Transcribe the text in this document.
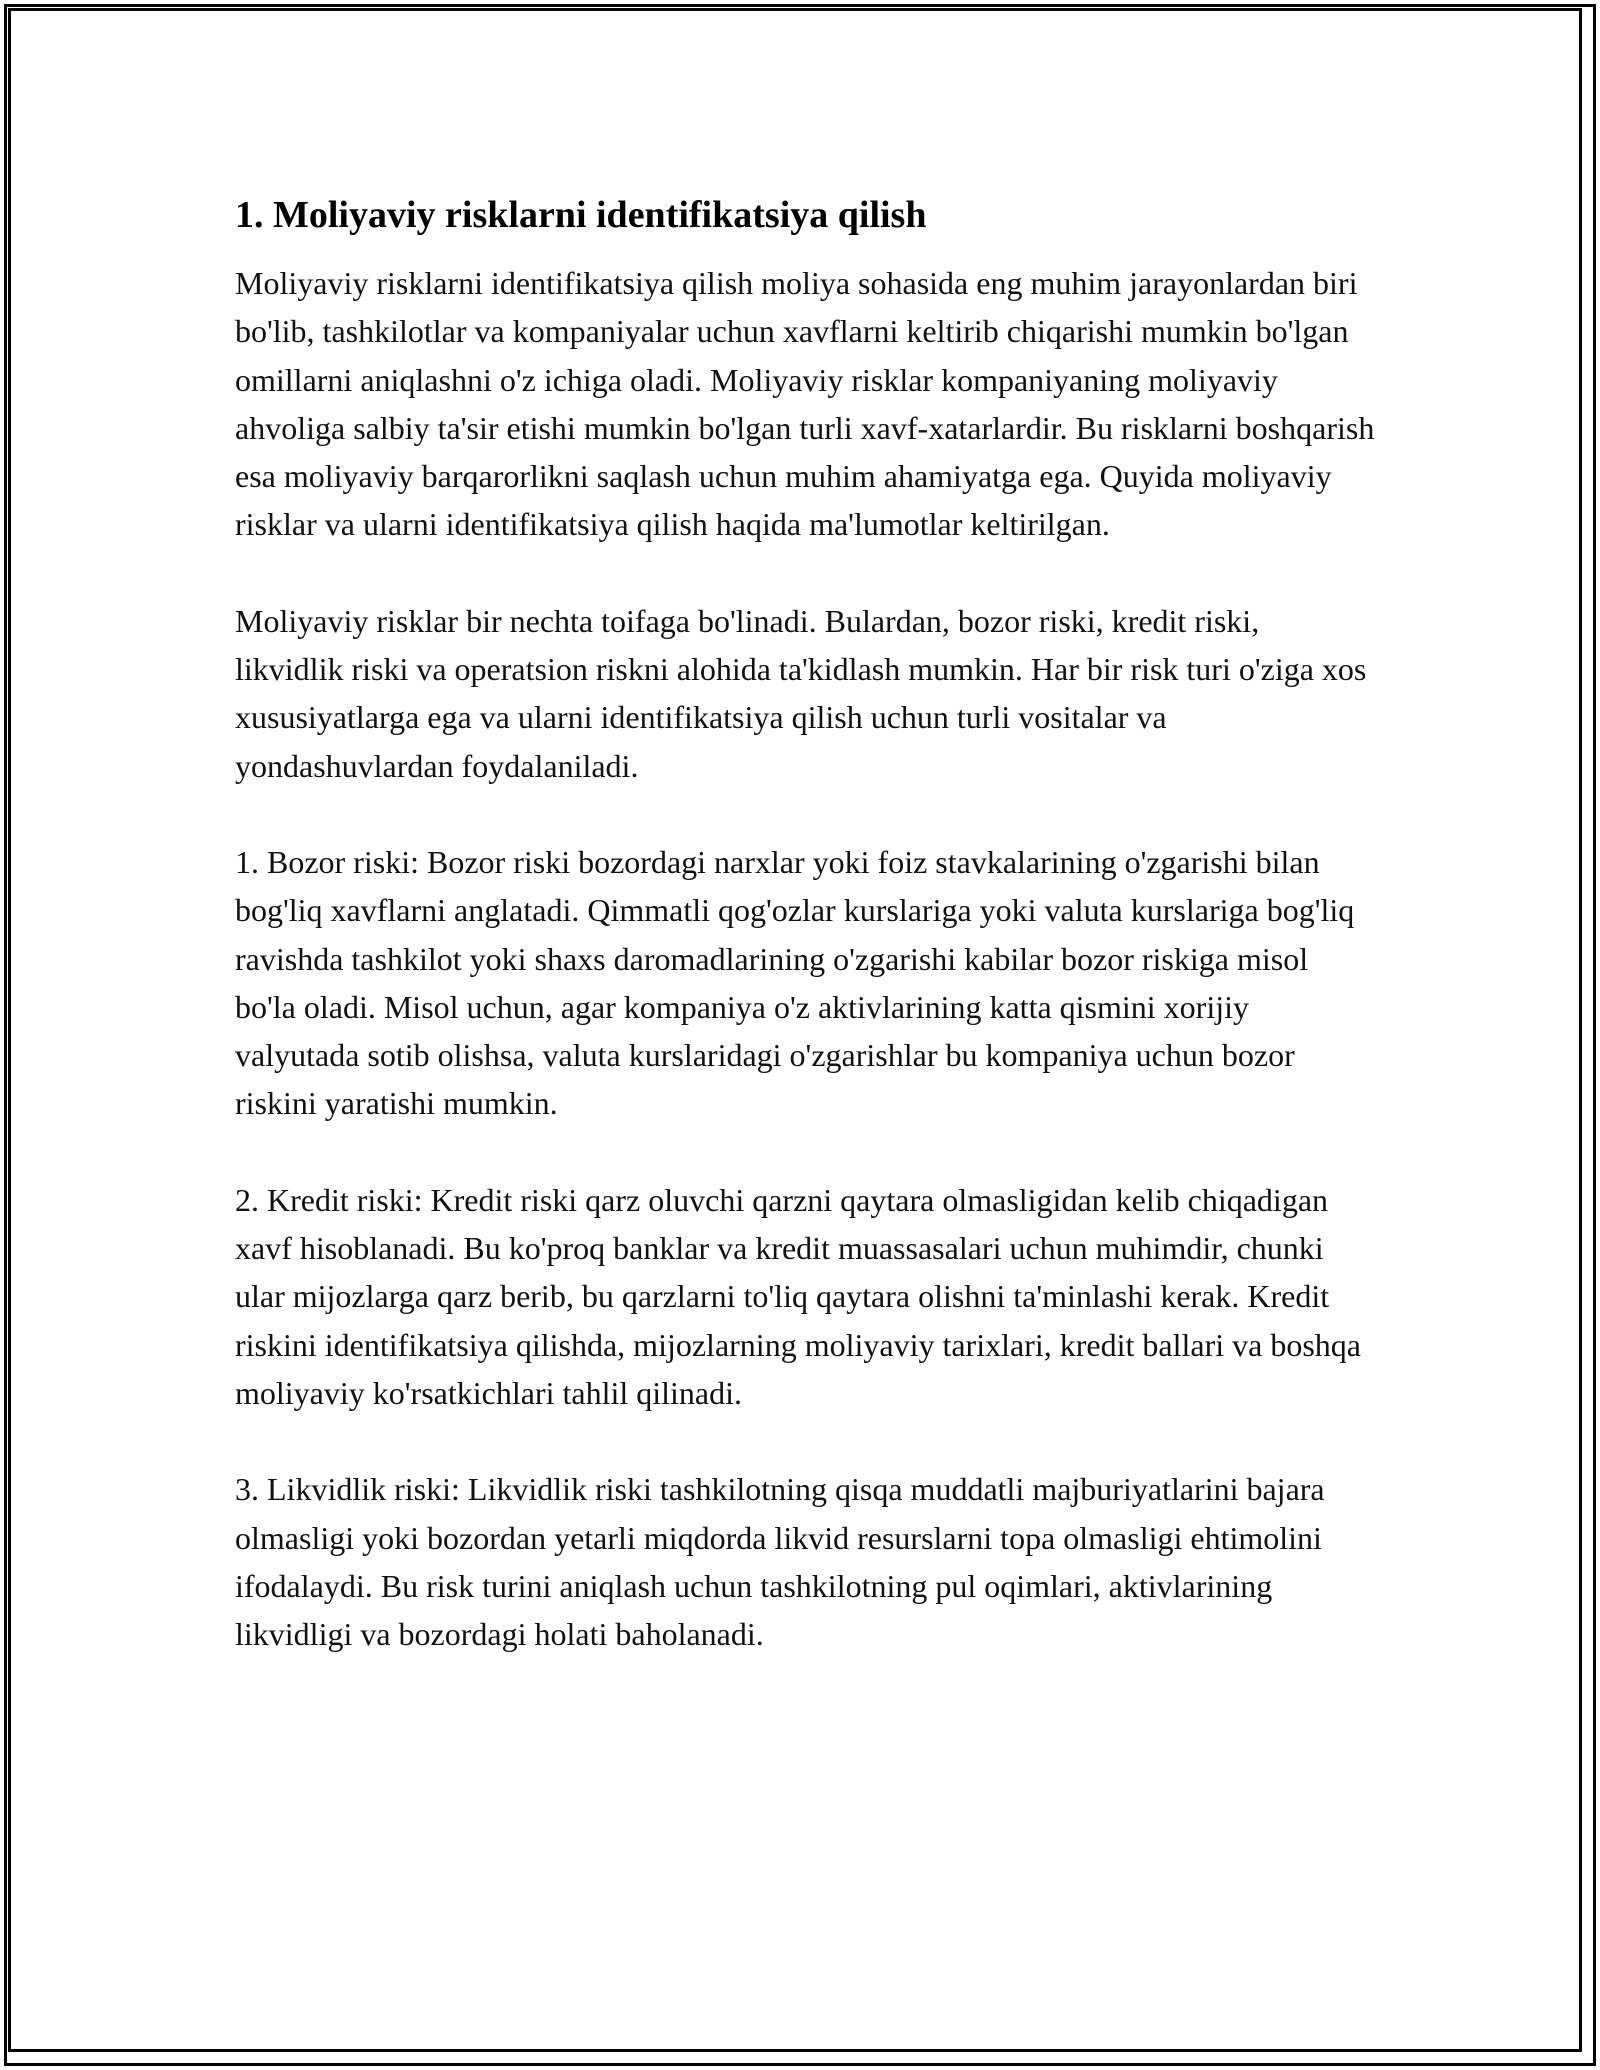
1. Moliyaviy risklarni identifikatsiya qilish

Moliyaviy risklarni identifikatsiya qilish moliya sohasida eng muhim jarayonlardan biri bo'lib, tashkilotlar va kompaniyalar uchun xavflarni keltirib chiqarishi mumkin bo'lgan omillarni aniqlashni o'z ichiga oladi. Moliyaviy risklar kompaniyaning moliyaviy ahvoliga salbiy ta'sir etishi mumkin bo'lgan turli xavf-xatarlardir. Bu risklarni boshqarish esa moliyaviy barqarorlikni saqlash uchun muhim ahamiyatga ega. Quyida moliyaviy risklar va ularni identifikatsiya qilish haqida ma'lumotlar keltirilgan.

Moliyaviy risklar bir nechta toifaga bo'linadi. Bulardan, bozor riski, kredit riski, likvidlik riski va operatsion riskni alohida ta'kidlash mumkin. Har bir risk turi o'ziga xos xususiyatlarga ega va ularni identifikatsiya qilish uchun turli vositalar va yondashuvlardan foydalaniladi.

1. Bozor riski: Bozor riski bozordagi narxlar yoki foiz stavkalarining o'zgarishi bilan bog'liq xavflarni anglatadi. Qimmatli qog'ozlar kurslariga yoki valuta kurslariga bog'liq ravishda tashkilot yoki shaxs daromadlarining o'zgarishi kabilar bozor riskiga misol bo'la oladi. Misol uchun, agar kompaniya o'z aktivlarining katta qismini xorijiy valyutada sotib olishsa, valuta kurslaridagi o'zgarishlar bu kompaniya uchun bozor riskini yaratishi mumkin.

2. Kredit riski: Kredit riski qarz oluvchi qarzni qaytara olmasligidan kelib chiqadigan xavf hisoblanadi. Bu ko'proq banklar va kredit muassasalari uchun muhimdir, chunki ular mijozlarga qarz berib, bu qarzlarni to'liq qaytara olishni ta'minlashi kerak. Kredit riskini identifikatsiya qilishda, mijozlarning moliyaviy tarixlari, kredit ballari va boshqa moliyaviy ko'rsatkichlari tahlil qilinadi.

3. Likvidlik riski: Likvidlik riski tashkilotning qisqa muddatli majburiyatlarini bajara olmasligi yoki bozordan yetarli miqdorda likvid resurslarni topa olmasligi ehtimolini ifodalaydi. Bu risk turini aniqlash uchun tashkilotning pul oqimlari, aktivlarining likvidligi va bozordagi holati baholanadi.
